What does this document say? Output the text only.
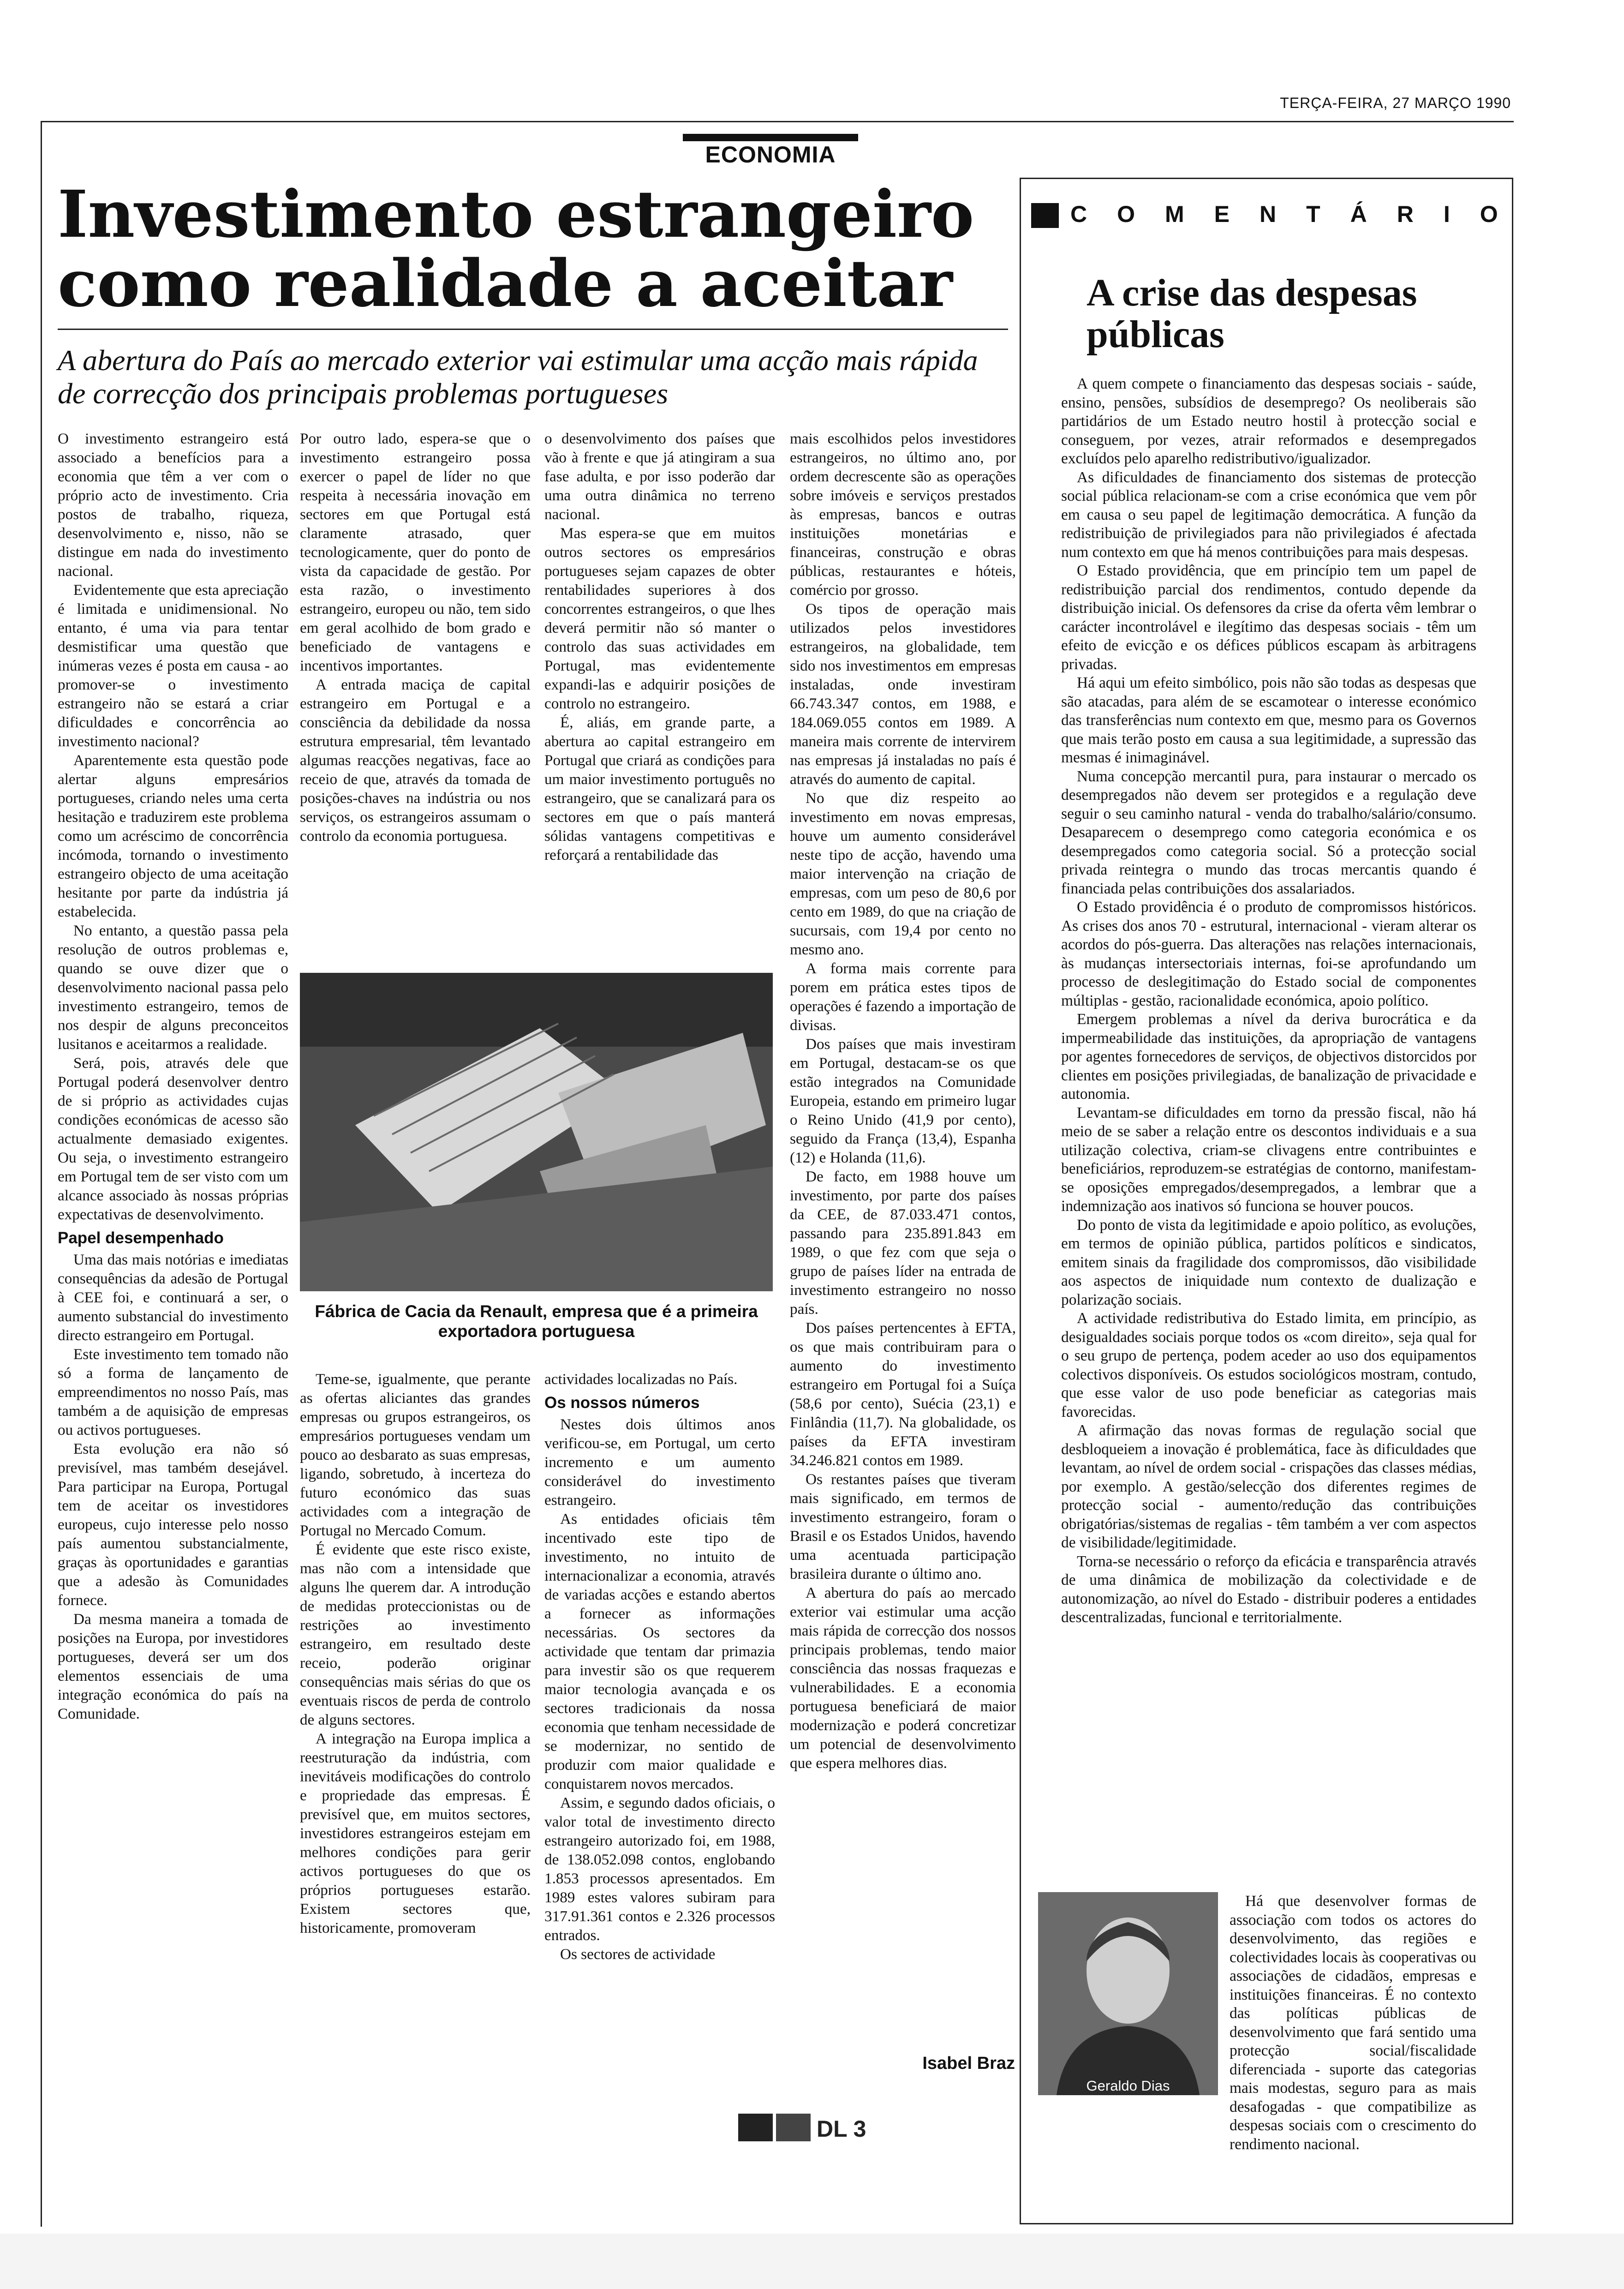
TERÇA-FEIRA, 27 MARÇO 1990
ECONOMIA
Investimento estrangeiro como realidade a aceitar

A abertura do País ao mercado exterior vai estimular uma acção mais rápida de correcção dos principais problemas portugueses

O investimento estrangeiro está associado a benefícios para a economia que têm a ver com o próprio acto de investimento. Cria postos de trabalho, riqueza, desenvolvimento e, nisso, não se distingue em nada do investimento nacional.

Evidentemente que esta apreciação é limitada e unidimensional. No entanto, é uma via para tentar desmistificar uma questão que inúmeras vezes é posta em causa - ao promover-se o investimento estrangeiro não se estará a criar dificuldades e concorrência ao investimento nacional?

Aparentemente esta questão pode alertar alguns empresários portugueses, criando neles uma certa hesitação e traduzirem este problema como um acréscimo de concorrência incómoda, tornando o investimento estrangeiro objecto de uma aceitação hesitante por parte da indústria já estabelecida.

No entanto, a questão passa pela resolução de outros problemas e, quando se ouve dizer que o desenvolvimento nacional passa pelo investimento estrangeiro, temos de nos despir de alguns preconceitos lusitanos e aceitarmos a realidade.

Será, pois, através dele que Portugal poderá desenvolver dentro de si próprio as actividades cujas condições económicas de acesso são actualmente demasiado exigentes. Ou seja, o investimento estrangeiro em Portugal tem de ser visto com um alcance associado às nossas próprias expectativas de desenvolvimento.

Papel desempenhado

Uma das mais notórias e imediatas consequências da adesão de Portugal à CEE foi, e continuará a ser, o aumento substancial do investimento directo estrangeiro em Portugal.

Este investimento tem tomado não só a forma de lançamento de empreendimentos no nosso País, mas também a de aquisição de empresas ou activos portugueses.

Esta evolução era não só previsível, mas também desejável. Para participar na Europa, Portugal tem de aceitar os investidores europeus, cujo interesse pelo nosso país aumentou substancialmente, graças às oportunidades e garantias que a adesão às Comunidades fornece.

Da mesma maneira a tomada de posições na Europa, por investidores portugueses, deverá ser um dos elementos essenciais de uma integração económica do país na Comunidade.

Por outro lado, espera-se que o investimento estrangeiro possa exercer o papel de líder no que respeita à necessária inovação em sectores em que Portugal está claramente atrasado, quer tecnologicamente, quer do ponto de vista da capacidade de gestão. Por esta razão, o investimento estrangeiro, europeu ou não, tem sido em geral acolhido de bom grado e beneficiado de vantagens e incentivos importantes.

A entrada maciça de capital estrangeiro em Portugal e a consciência da debilidade da nossa estrutura empresarial, têm levantado algumas reacções negativas, face ao receio de que, através da tomada de posições-chaves na indústria ou nos serviços, os estrangeiros assumam o controlo da economia portuguesa.

o desenvolvimento dos países que vão à frente e que já atingiram a sua fase adulta, e por isso poderão dar uma outra dinâmica no terreno nacional.

Mas espera-se que em muitos outros sectores os empresários portugueses sejam capazes de obter rentabilidades superiores à dos concorrentes estrangeiros, o que lhes deverá permitir não só manter o controlo das suas actividades em Portugal, mas evidentemente expandi-las e adquirir posições de controlo no estrangeiro.

É, aliás, em grande parte, a abertura ao capital estrangeiro em Portugal que criará as condições para um maior investimento português no estrangeiro, que se canalizará para os sectores em que o país manterá sólidas vantagens competitivas e reforçará a rentabilidade das

Fábrica de Cacia da Renault, empresa que é a primeira exportadora portuguesa

Teme-se, igualmente, que perante as ofertas aliciantes das grandes empresas ou grupos estrangeiros, os empresários portugueses vendam um pouco ao desbarato as suas empresas, ligando, sobretudo, à incerteza do futuro económico das suas actividades com a integração de Portugal no Mercado Comum.

É evidente que este risco existe, mas não com a intensidade que alguns lhe querem dar. A introdução de medidas proteccionistas ou de restrições ao investimento estrangeiro, em resultado deste receio, poderão originar consequências mais sérias do que os eventuais riscos de perda de controlo de alguns sectores.

A integração na Europa implica a reestruturação da indústria, com inevitáveis modificações do controlo e propriedade das empresas. É previsível que, em muitos sectores, investidores estrangeiros estejam em melhores condições para gerir activos portugueses do que os próprios portugueses estarão. Existem sectores que, historicamente, promoveram

actividades localizadas no País.

Os nossos números

Nestes dois últimos anos verificou-se, em Portugal, um certo incremento e um aumento considerável do investimento estrangeiro.

As entidades oficiais têm incentivado este tipo de investimento, no intuito de internacionalizar a economia, através de variadas acções e estando abertos a fornecer as informações necessárias. Os sectores da actividade que tentam dar primazia para investir são os que requerem maior tecnologia avançada e os sectores tradicionais da nossa economia que tenham necessidade de se modernizar, no sentido de produzir com maior qualidade e conquistarem novos mercados.

Assim, e segundo dados oficiais, o valor total de investimento directo estrangeiro autorizado foi, em 1988, de 138.052.098 contos, englobando 1.853 processos apresentados. Em 1989 estes valores subiram para 317.91.361 contos e 2.326 processos entrados.

Os sectores de actividade

mais escolhidos pelos investidores estrangeiros, no último ano, por ordem decrescente são as operações sobre imóveis e serviços prestados às empresas, bancos e outras instituições monetárias e financeiras, construção e obras públicas, restaurantes e hóteis, comércio por grosso.

Os tipos de operação mais utilizados pelos investidores estrangeiros, na globalidade, tem sido nos investimentos em empresas instaladas, onde investiram 66.743.347 contos, em 1988, e 184.069.055 contos em 1989. A maneira mais corrente de intervirem nas empresas já instaladas no país é através do aumento de capital.

No que diz respeito ao investimento em novas empresas, houve um aumento considerável neste tipo de acção, havendo uma maior intervenção na criação de empresas, com um peso de 80,6 por cento em 1989, do que na criação de sucursais, com 19,4 por cento no mesmo ano.

A forma mais corrente para porem em prática estes tipos de operações é fazendo a importação de divisas.

Dos países que mais investiram em Portugal, destacam-se os que estão integrados na Comunidade Europeia, estando em primeiro lugar o Reino Unido (41,9 por cento), seguido da França (13,4), Espanha (12) e Holanda (11,6).

De facto, em 1988 houve um investimento, por parte dos países da CEE, de 87.033.471 contos, passando para 235.891.843 em 1989, o que fez com que seja o grupo de países líder na entrada de investimento estrangeiro no nosso país.

Dos países pertencentes à EFTA, os que mais contribuiram para o aumento do investimento estrangeiro em Portugal foi a Suíça (58,6 por cento), Suécia (23,1) e Finlândia (11,7). Na globalidade, os países da EFTA investiram 34.246.821 contos em 1989.

Os restantes países que tiveram mais significado, em termos de investimento estrangeiro, foram o Brasil e os Estados Unidos, havendo uma acentuada participação brasileira durante o último ano.

A abertura do país ao mercado exterior vai estimular uma acção mais rápida de correcção dos nossos principais problemas, tendo maior consciência das nossas fraquezas e vulnerabilidades. E a economia portuguesa beneficiará de maior modernização e poderá concretizar um potencial de desenvolvimento que espera melhores dias.

Isabel Braz
COMENTÁRIO
A crise das despesas públicas

A quem compete o financiamento das despesas sociais - saúde, ensino, pensões, subsídios de desemprego? Os neoliberais são partidários de um Estado neutro hostil à protecção social e conseguem, por vezes, atrair reformados e desempregados excluídos pelo aparelho redistributivo/igualizador.

As dificuldades de financiamento dos sistemas de protecção social pública relacionam-se com a crise económica que vem pôr em causa o seu papel de legitimação democrática. A função da redistribuição de privilegiados para não privilegiados é afectada num contexto em que há menos contribuições para mais despesas.

O Estado providência, que em princípio tem um papel de redistribuição parcial dos rendimentos, contudo depende da distribuição inicial. Os defensores da crise da oferta vêm lembrar o carácter incontrolável e ilegítimo das despesas sociais - têm um efeito de evicção e os défices públicos escapam às arbitragens privadas.

Há aqui um efeito simbólico, pois não são todas as despesas que são atacadas, para além de se escamotear o interesse económico das transferências num contexto em que, mesmo para os Governos que mais terão posto em causa a sua legitimidade, a supressão das mesmas é inimaginável.

Numa concepção mercantil pura, para instaurar o mercado os desempregados não devem ser protegidos e a regulação deve seguir o seu caminho natural - venda do trabalho/salário/consumo. Desaparecem o desemprego como categoria económica e os desempregados como categoria social. Só a protecção social privada reintegra o mundo das trocas mercantis quando é financiada pelas contribuições dos assalariados.

O Estado providência é o produto de compromissos históricos. As crises dos anos 70 - estrutural, internacional - vieram alterar os acordos do pós-guerra. Das alterações nas relações internacionais, às mudanças intersectoriais internas, foi-se aprofundando um processo de deslegitimação do Estado social de componentes múltiplas - gestão, racionalidade económica, apoio político.

Emergem problemas a nível da deriva burocrática e da impermeabilidade das instituições, da apropriação de vantagens por agentes fornecedores de serviços, de objectivos distorcidos por clientes em posições privilegiadas, de banalização de privacidade e autonomia.

Levantam-se dificuldades em torno da pressão fiscal, não há meio de se saber a relação entre os descontos individuais e a sua utilização colectiva, criam-se clivagens entre contribuintes e beneficiários, reproduzem-se estratégias de contorno, manifestam-se oposições empregados/desempregados, a lembrar que a indemnização aos inativos só funciona se houver poucos.

Do ponto de vista da legitimidade e apoio político, as evoluções, em termos de opinião pública, partidos políticos e sindicatos, emitem sinais da fragilidade dos compromissos, dão visibilidade aos aspectos de iniquidade num contexto de dualização e polarização sociais.

A actividade redistributiva do Estado limita, em princípio, as desigualdades sociais porque todos os «com direito», seja qual for o seu grupo de pertença, podem aceder ao uso dos equipamentos colectivos disponíveis. Os estudos sociológicos mostram, contudo, que esse valor de uso pode beneficiar as categorias mais favorecidas.

A afirmação das novas formas de regulação social que desbloqueiem a inovação é problemática, face às dificuldades que levantam, ao nível de ordem social - crispações das classes médias, por exemplo. A gestão/selecção dos diferentes regimes de protecção social - aumento/redução das contribuições obrigatórias/sistemas de regalias - têm também a ver com aspectos de visibilidade/legitimidade.

Torna-se necessário o reforço da eficácia e transparência através de uma dinâmica de mobilização da colectividade e de autonomização, ao nível do Estado - distribuir poderes a entidades descentralizadas, funcional e territorialmente.

Há que desenvolver formas de associação com todos os actores do desenvolvimento, das regiões e colectividades locais às cooperativas ou associações de cidadãos, empresas e instituições financeiras. É no contexto das políticas públicas de desenvolvimento que fará sentido uma protecção social/fiscalidade diferenciada - suporte das categorias mais modestas, seguro para as mais desafogadas - que compatibilize as despesas sociais com o crescimento do rendimento nacional.

Geraldo Dias
DL 3
